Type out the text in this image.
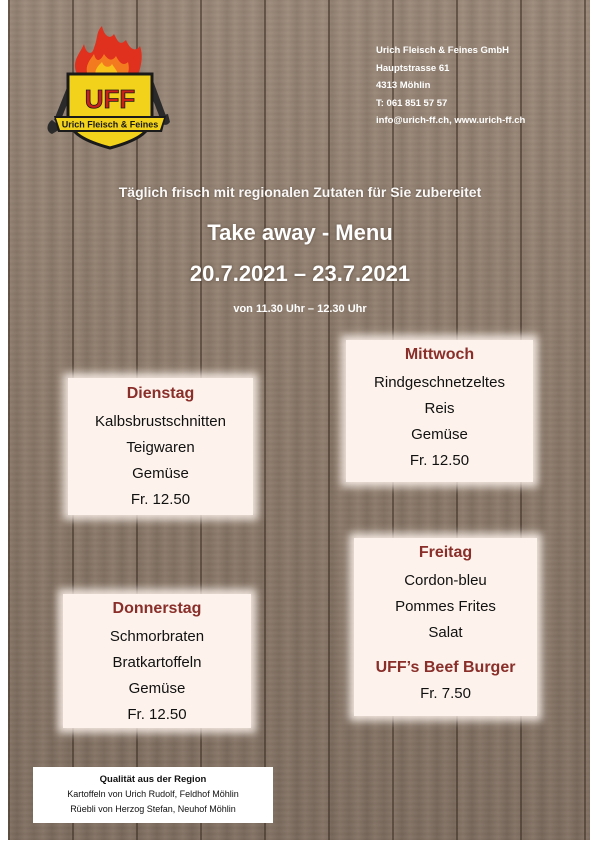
UFF
Urich Fleisch & Feines
Urich Fleisch & Feines GmbH
Hauptstrasse 61
4313 Möhlin
T: 061 851 57 57
info@urich-ff.ch, www.urich-ff.ch
Täglich frisch mit regionalen Zutaten für Sie zubereitet
Take away - Menu
20.7.2021 – 23.7.2021
von 11.30 Uhr – 12.30 Uhr
Dienstag
Kalbsbrustschnitten
Teigwaren
Gemüse
Fr. 12.50
Mittwoch
Rindgeschnetzeltes
Reis
Gemüse
Fr. 12.50
Donnerstag
Schmorbraten
Bratkartoffeln
Gemüse
Fr. 12.50
Freitag
Cordon-bleu
Pommes Frites
Salat
UFF’s Beef Burger
Fr. 7.50
Qualität aus der Region
Kartoffeln von Urich Rudolf, Feldhof Möhlin
Rüebli von Herzog Stefan, Neuhof Möhlin
